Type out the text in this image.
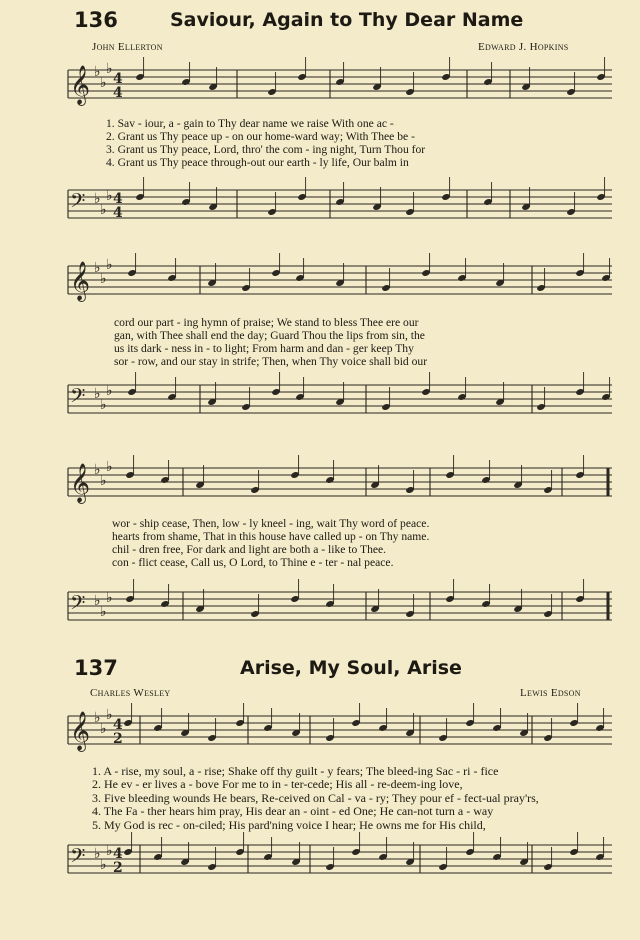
136	Saviour, Again to Thy Dear Name
John Ellerton	Edward J. Hopkins
𝄞 ♭
♭
♭
4
4
𝄢 ♭
♭
♭ 4
4
𝄞 ♭
♭
♭
𝄢 ♭
♭
♭
𝄞 ♭
♭
♭
𝄢 ♭
♭
♭
𝄞 ♭
♭
♭
4
2
𝄢 ♭
♭
♭ 4
2
1. Sav - iour, a - gain to Thy dear name we raise With one ac -
2. Grant us Thy peace up - on our home-ward way; With Thee be -
3. Grant us Thy peace, Lord, thro' the com - ing night, Turn Thou for
4. Grant us Thy peace through-out our earth - ly life, Our balm in
cord our part - ing hymn of praise; We stand to bless Thee ere our
gan, with Thee shall end the day; Guard Thou the lips from sin, the
us its dark - ness in - to light; From harm and dan - ger keep Thy
sor - row, and our stay in strife; Then, when Thy voice shall bid our
wor - ship cease, Then, low - ly kneel - ing, wait Thy word of peace.
hearts from shame, That in this house have called up - on Thy name.
chil - dren free, For dark and light are both a - like to Thee.
con - flict cease, Call us, O Lord, to Thine e - ter - nal peace.
137	Arise, My Soul, Arise
Charles Wesley	Lewis Edson
1. A - rise, my soul, a - rise; Shake off thy guilt - y fears; The bleed-ing Sac - ri - fice
2. He ev - er lives a - bove For me to in - ter-cede; His all - re-deem-ing love,
3. Five bleeding wounds He bears, Re-ceived on Cal - va - ry; They pour ef - fect-ual pray'rs,
4. The Fa - ther hears him pray, His dear an - oint - ed One; He can-not turn a - way
5. My God is rec - on-ciled; His pard'ning voice I hear; He owns me for His child,
